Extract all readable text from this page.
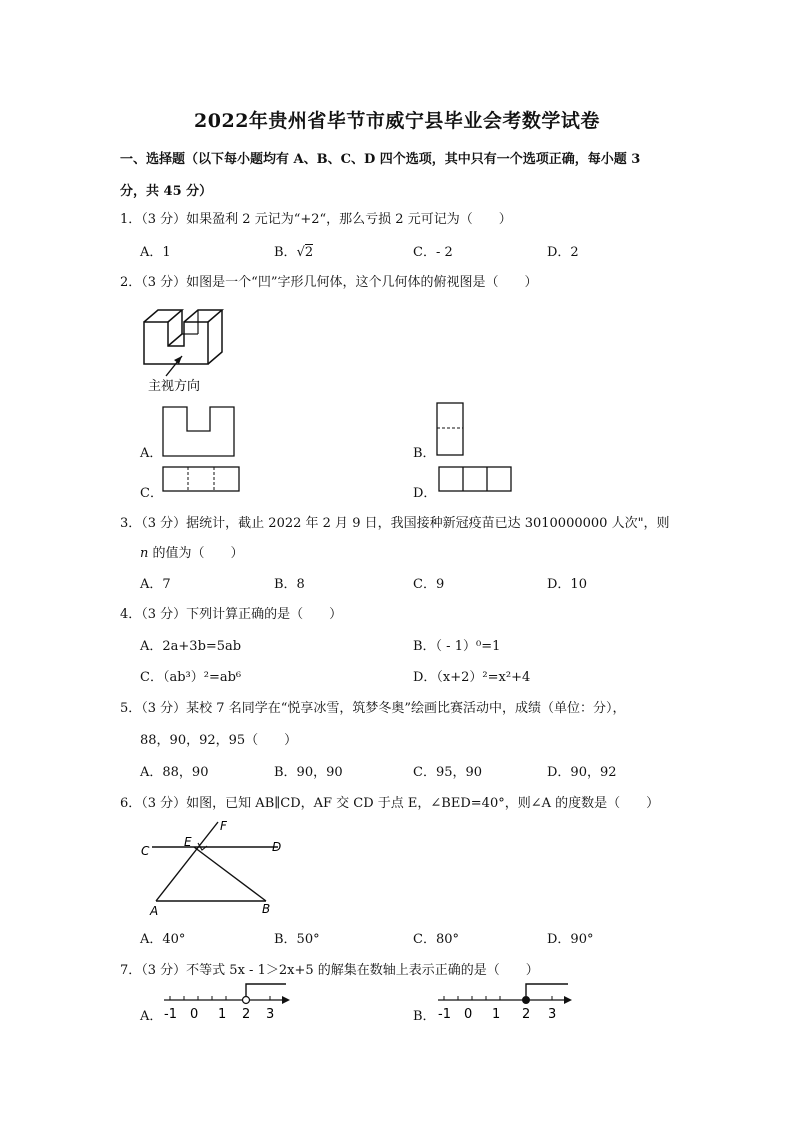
2022年贵州省毕节市威宁县毕业会考数学试卷
一、选择题（以下每小题均有 A、B、C、D 四个选项，其中只有一个选项正确，每小题 3
分，共 45 分）
1．（3 分）如果盈利 2 元记为“+2“，那么亏损 2 元可记为（　　）
A．1	B．√2	C．- 2	D．2
2．（3 分）如图是一个“凹”字形几何体，这个几何体的俯视图是（　　）
主视方向
A．	B．
C．	D．
3．（3 分）据统计，截止 2022 年 2 月 9 日，我国接种新冠疫苗已达 3010000000 人次"，则
n 的值为（　　）
A．7	B．8	C．9	D．10
4．（3 分）下列计算正确的是（　　）
A．2a+3b=5ab	B．（ - 1）⁰=1
C．（ab³）²=ab⁶	D．（x+2）²=x²+4
5．（3 分）某校 7 名同学在“悦享冰雪，筑梦冬奥”绘画比赛活动中，成绩（单位：分），
88，90，92，95（　　）
A．88，90	B．90，90	C．95，90	D．90，92
6．（3 分）如图，已知 AB∥CD，AF 交 CD 于点 E，∠BED=40°，则∠A 的度数是（　　）
C
E
F
D
A	B
A．40°	B．50°	C．80°	D．90°
7．（3 分）不等式 5x - 1＞2x+5 的解集在数轴上表示正确的是（　　）
A． -1 0 1 2 3	B． -1 0 1 2 3
